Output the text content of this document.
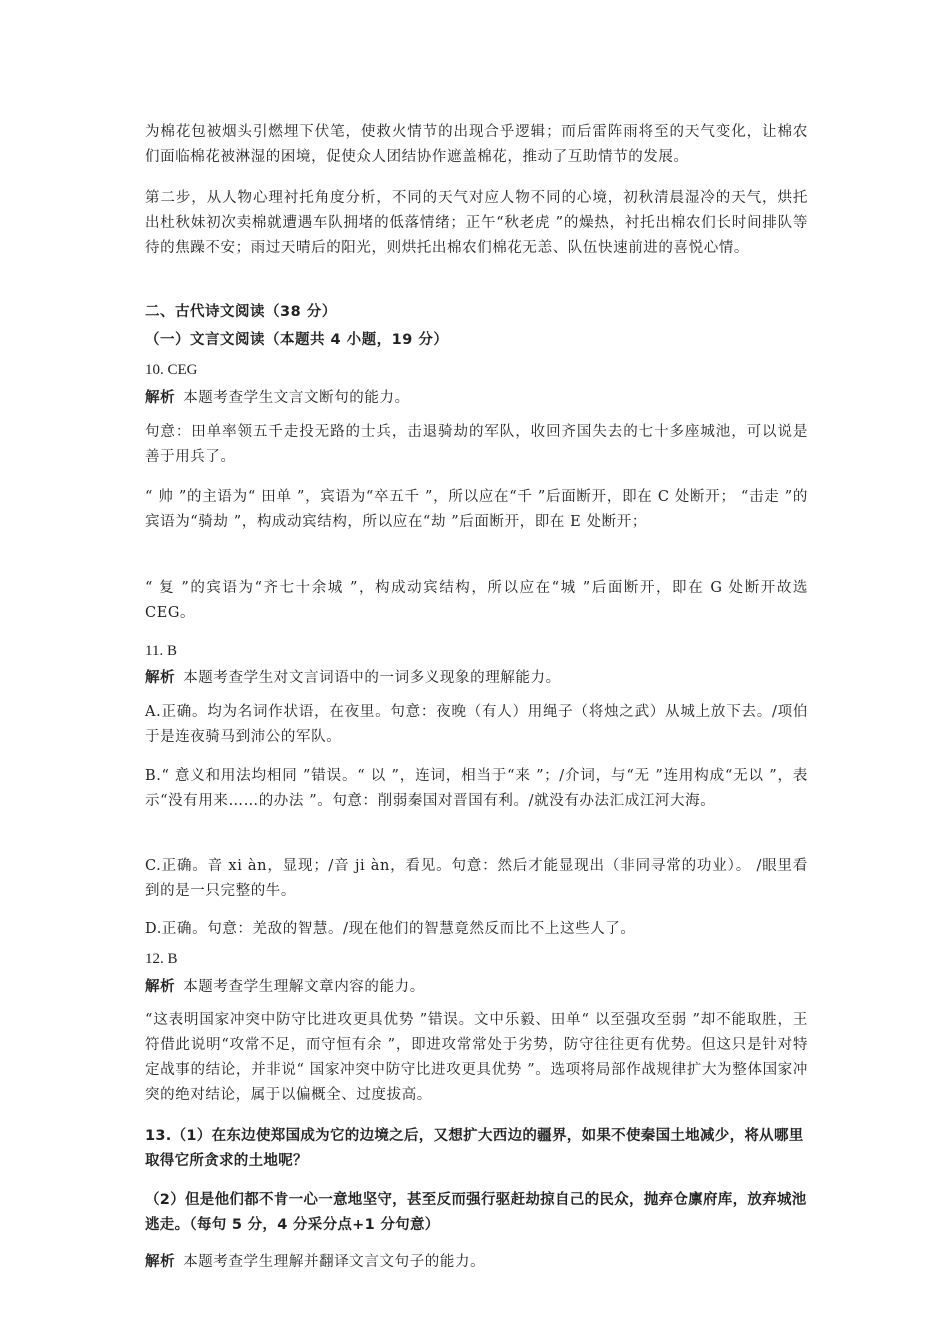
为棉花包被烟头引燃埋下伏笔，使救火情节的出现合乎逻辑；而后雷阵雨将至的天气变化，让棉农们面临棉花被淋湿的困境，促使众人团结协作遮盖棉花，推动了互助情节的发展。
第二步，从人物心理衬托角度分析，不同的天气对应人物不同的心境，初秋清晨湿冷的天气，烘托出杜秋妹初次卖棉就遭遇车队拥堵的低落情绪；正午“秋老虎 ”的燥热，衬托出棉农们长时间排队等待的焦躁不安；雨过天晴后的阳光，则烘托出棉农们棉花无恙、队伍快速前进的喜悦心情。
二、古代诗文阅读（38 分）
（一）文言文阅读（本题共 4 小题，19 分）
10. CEG
解析 本题考查学生文言文断句的能力。
句意：田单率领五千走投无路的士兵，击退骑劫的军队，收回齐国失去的七十多座城池，可以说是善于用兵了。
“ 帅 ”的主语为“ 田单 ”，宾语为“卒五千 ”，所以应在“千 ”后面断开，即在 C 处断开； “击走 ”的宾语为“骑劫 ”，构成动宾结构，所以应在“劫 ”后面断开，即在 E 处断开；
“ 复 ”的宾语为“齐七十余城 ”，构成动宾结构，所以应在“城 ”后面断开，即在 G 处断开故选 CEG。
11. B
解析 本题考查学生对文言词语中的一词多义现象的理解能力。
A.正确。均为名词作状语，在夜里。句意：夜晚（有人）用绳子（将烛之武）从城上放下去。/项伯于是连夜骑马到沛公的军队。
B.“ 意义和用法均相同 ”错误。“ 以 ”，连词，相当于“来 ”；/介词，与“无 ”连用构成“无以 ”，表示“没有用来……的办法 ”。句意：削弱秦国对晋国有利。/就没有办法汇成江河大海。
C.正确。音 xi àn，显现；/音 ji àn，看见。句意：然后才能显现出（非同寻常的功业）。 /眼里看到的是一只完整的牛。
D.正确。句意：羌敌的智慧。/现在他们的智慧竟然反而比不上这些人了。
12. B
解析 本题考查学生理解文章内容的能力。
“这表明国家冲突中防守比进攻更具优势 ”错误。文中乐毅、田单“ 以至强攻至弱 ”却不能取胜，王符借此说明“攻常不足，而守恒有余 ”，即进攻常常处于劣势，防守往往更有优势。但这只是针对特定战事的结论，并非说“ 国家冲突中防守比进攻更具优势 ”。选项将局部作战规律扩大为整体国家冲突的绝对结论，属于以偏概全、过度拔高。
13.（1）在东边使郑国成为它的边境之后，又想扩大西边的疆界，如果不使秦国土地减少，将从哪里取得它所贪求的土地呢？
（2）但是他们都不肯一心一意地坚守，甚至反而强行驱赶劫掠自己的民众，抛弃仓廪府库，放弃城池逃走。（每句 5 分，4 分采分点+1 分句意）
解析 本题考查学生理解并翻译文言文句子的能力。
